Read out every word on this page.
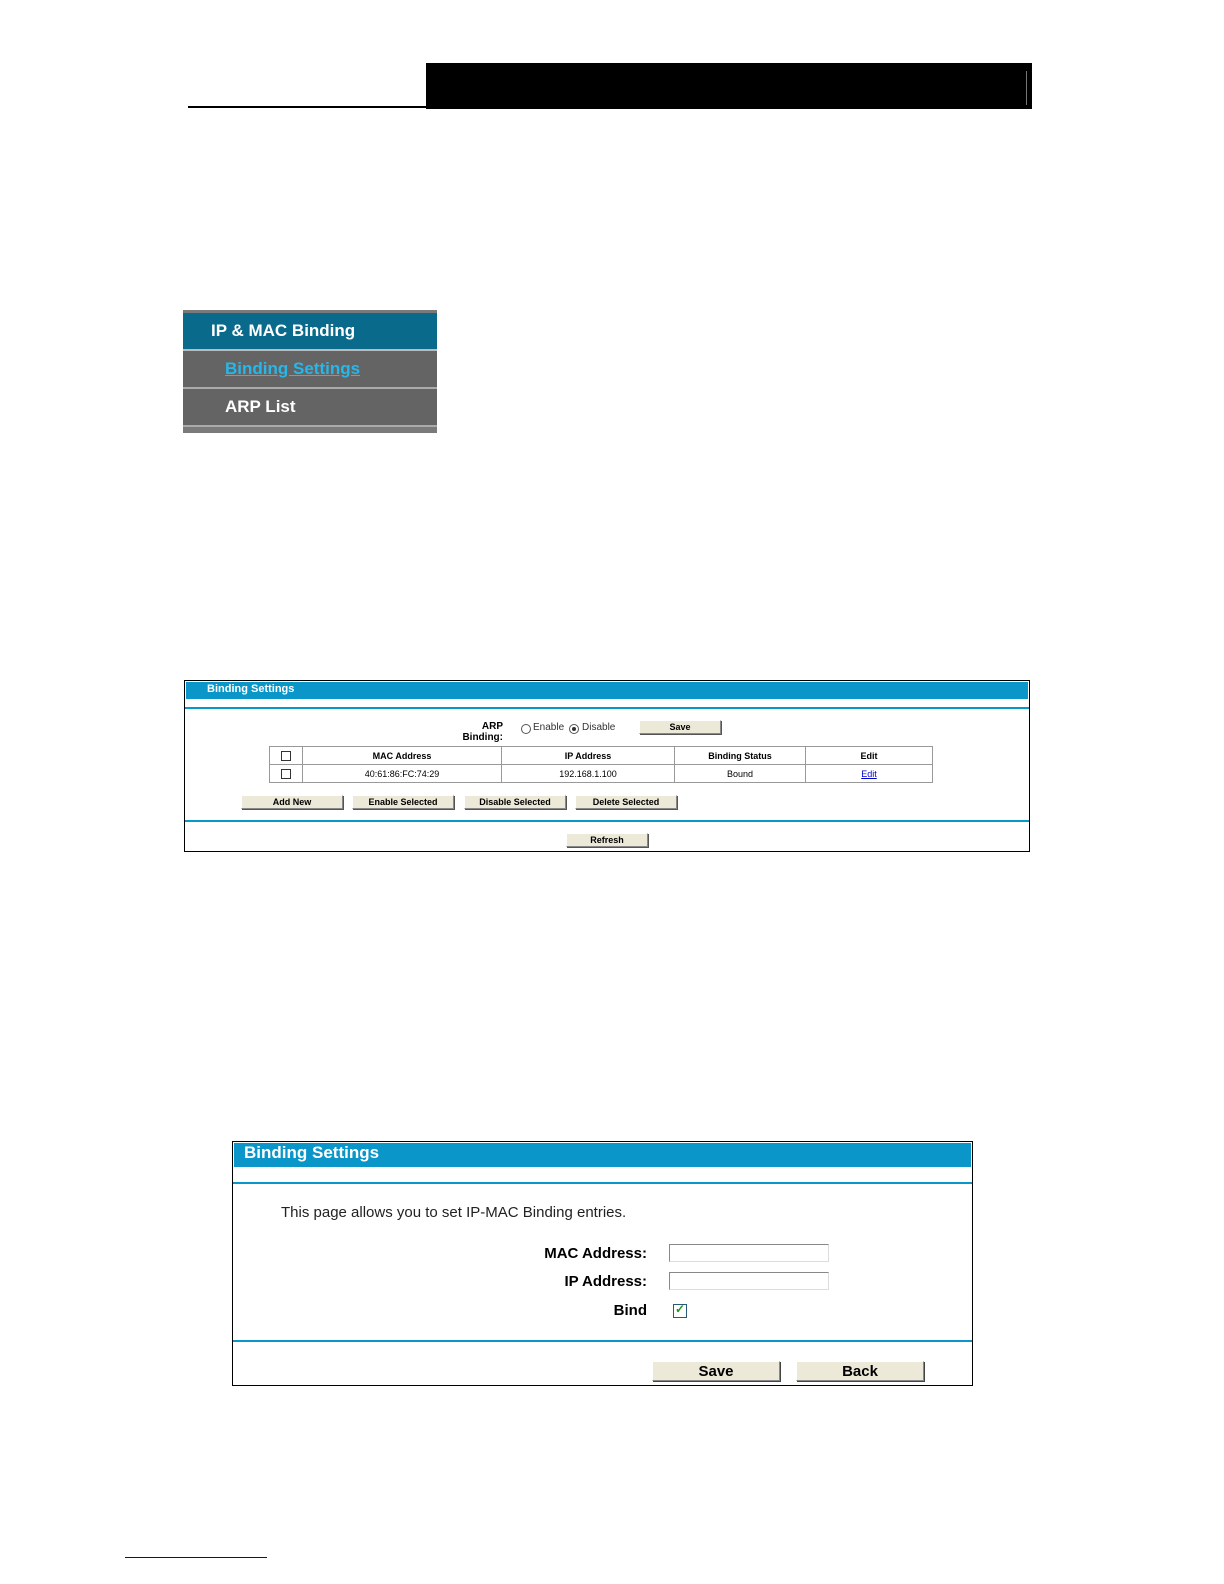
IP & MAC Binding
Binding Settings
ARP List
Binding Settings
ARP Binding:
Enable Disable	Save
	MAC Address	IP Address	Binding Status	Edit
	40:61:86:FC:74:29	192.168.1.100	Bound	Edit
Add New	Enable Selected	Disable Selected	Delete Selected
Refresh
Binding Settings
This page allows you to set IP-MAC Binding entries.
MAC Address:
IP Address:
Bind
✓
Save	Back
